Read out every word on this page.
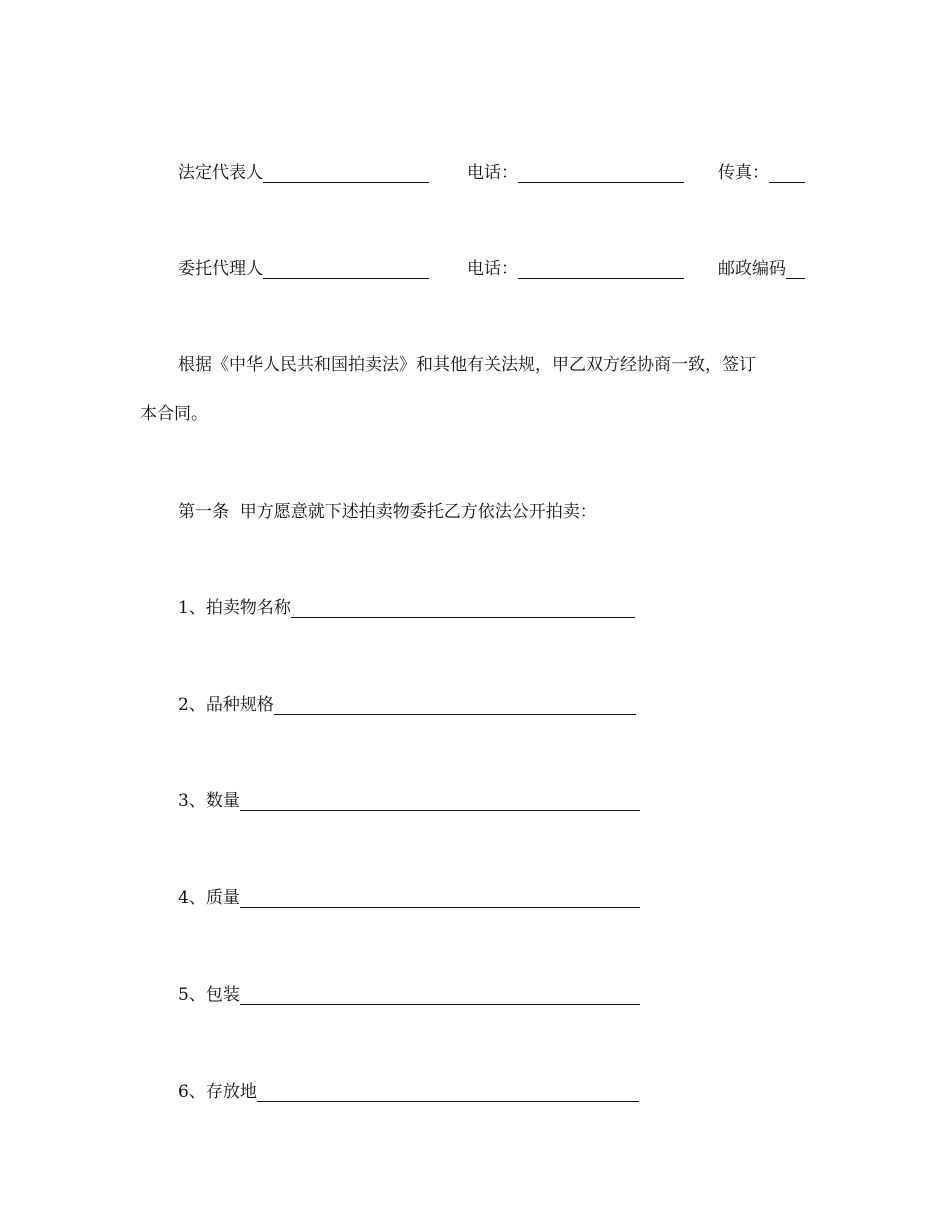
法定代表人	电话：	传真：
委托代理人	电话：	邮政编码
根据《中华人民共和国拍卖法》和其他有关法规，甲乙双方经协商一致，签订
本合同。
第一条  甲方愿意就下述拍卖物委托乙方依法公开拍卖：
1、拍卖物名称
2、品种规格
3、数量
4、质量
5、包装
6、存放地
